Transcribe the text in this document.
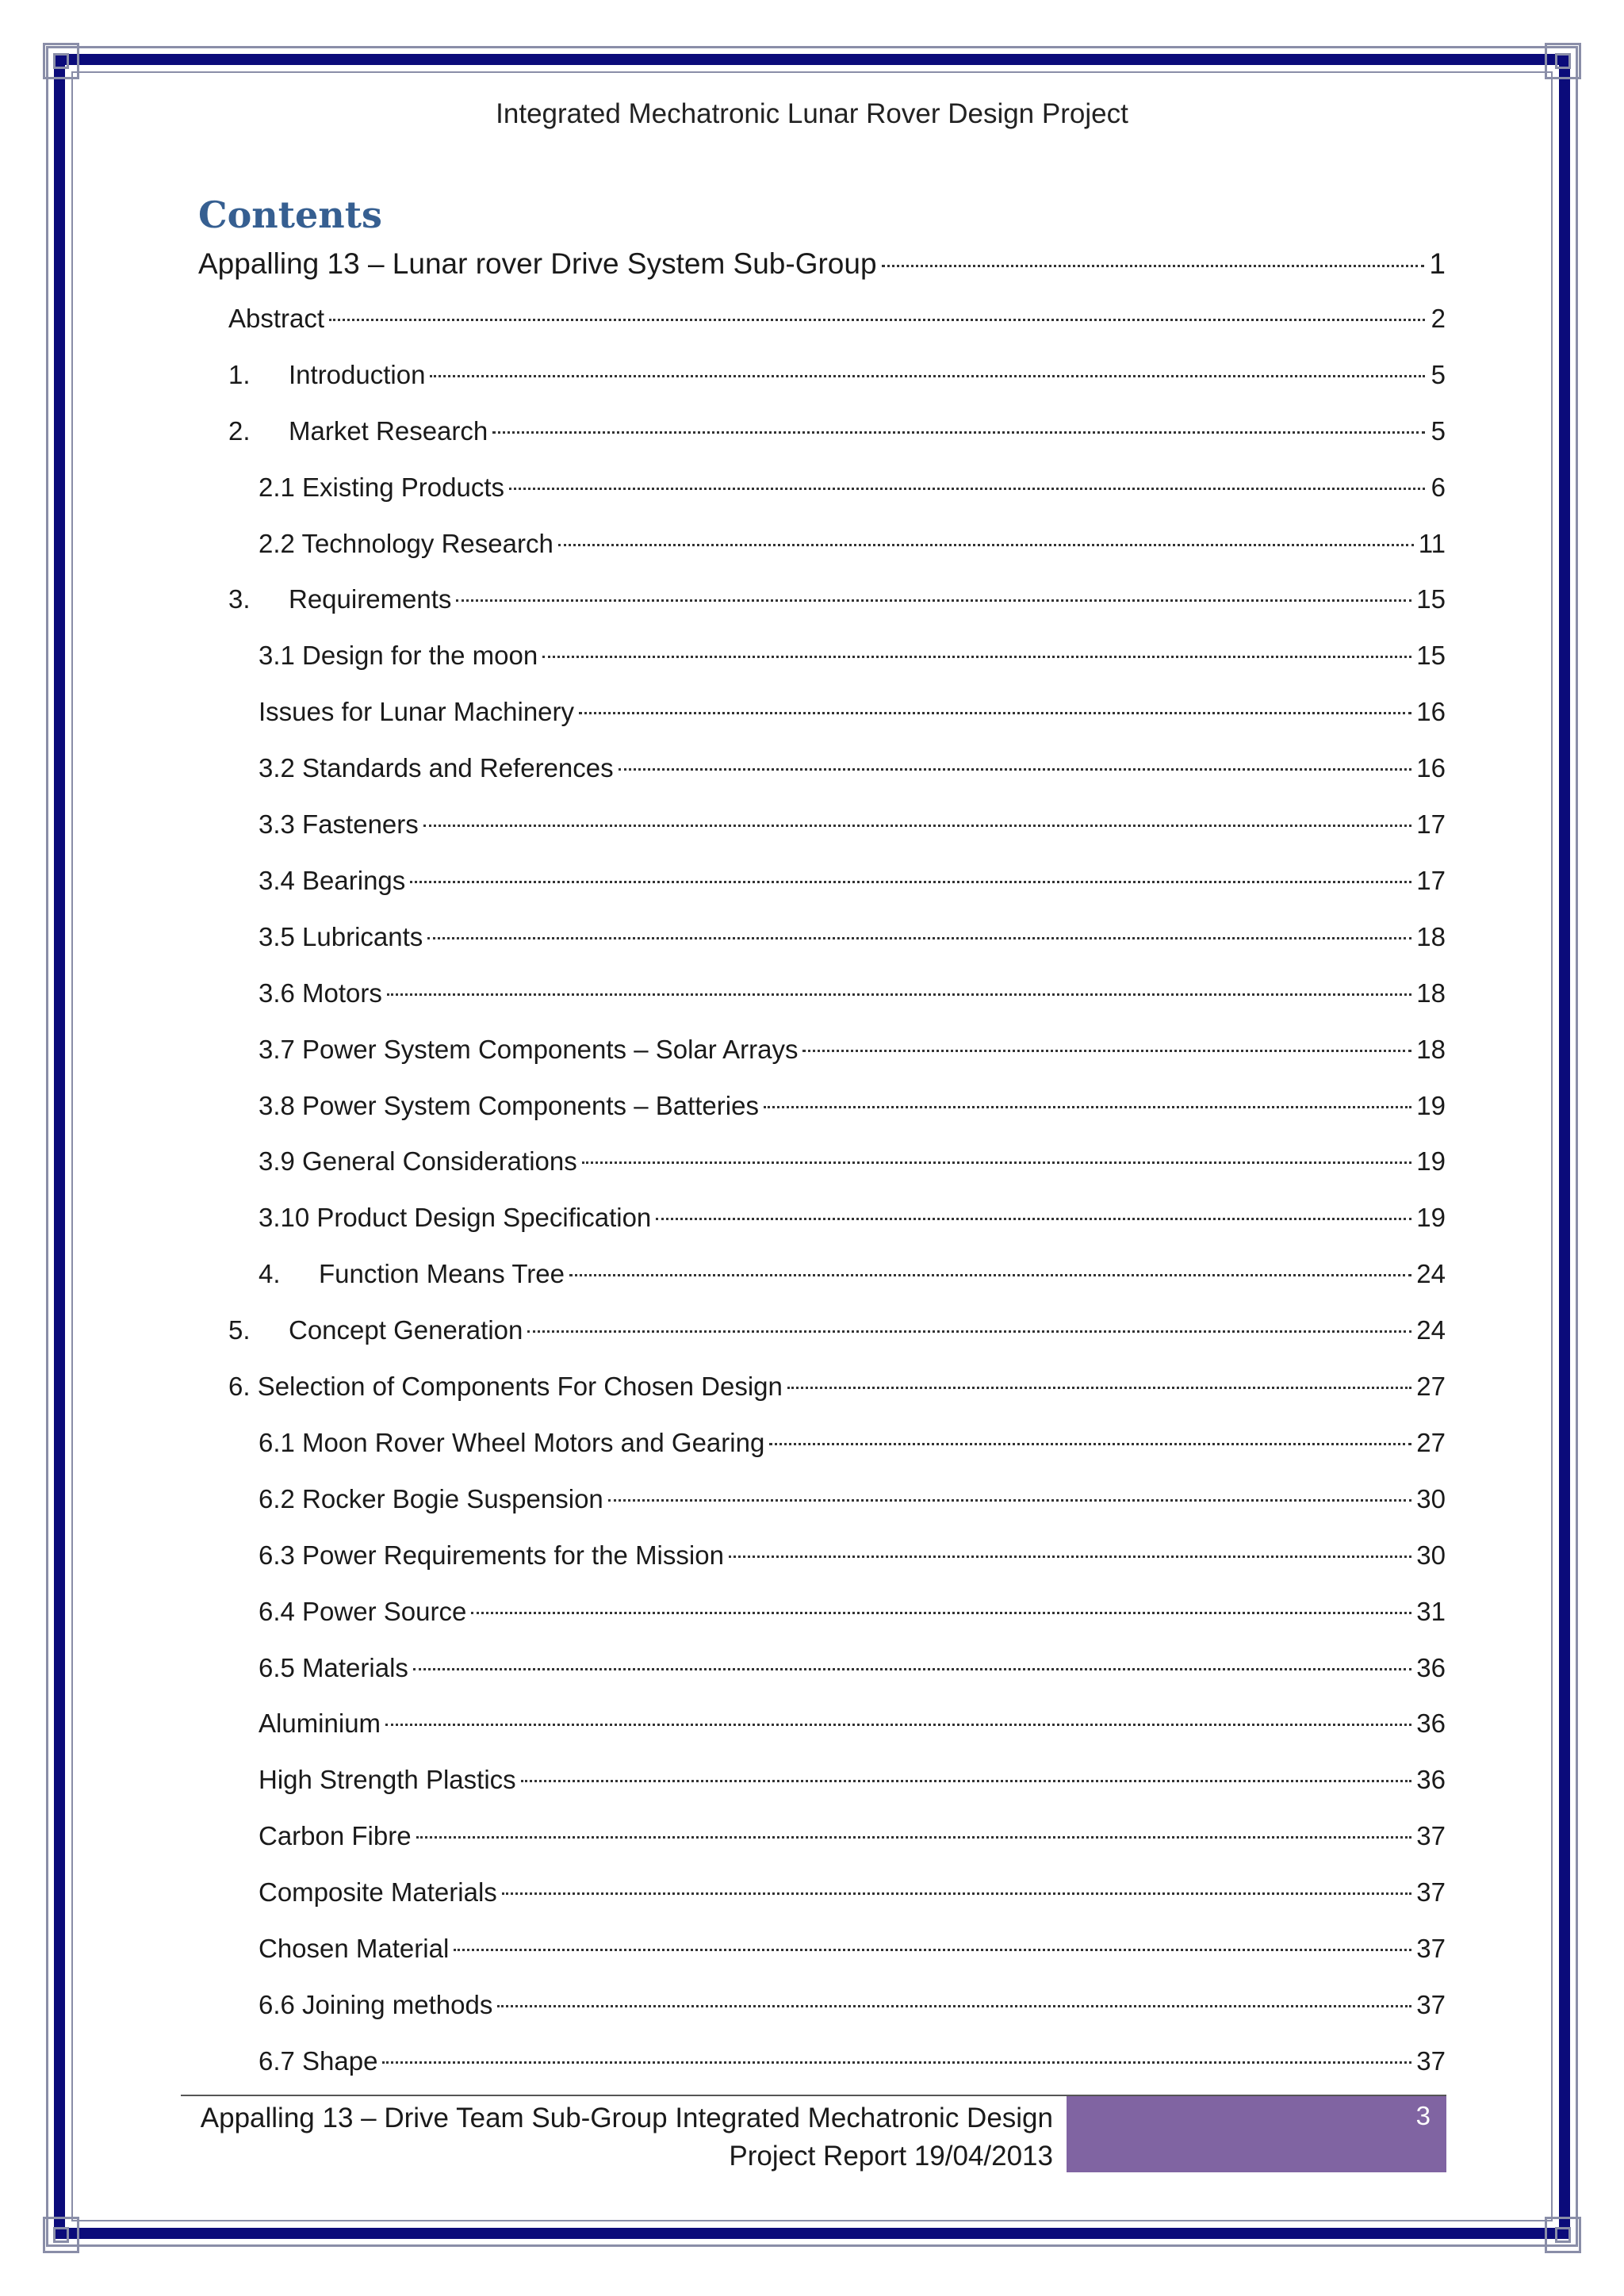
Integrated Mechatronic Lunar Rover Design Project
Contents
Appalling 13 – Lunar rover Drive System Sub-Group	1
Abstract	2
1.	Introduction	5
2.	Market Research	5
2.1 Existing Products	6
2.2 Technology Research	11
3.	Requirements	15
3.1 Design for the moon	15
Issues for Lunar Machinery	16
3.2 Standards and References	16
3.3 Fasteners	17
3.4 Bearings	17
3.5 Lubricants	18
3.6 Motors	18
3.7 Power System Components – Solar Arrays	18
3.8 Power System Components – Batteries	19
3.9 General Considerations	19
3.10 Product Design Specification	19
4.	Function Means Tree	24
5.	Concept Generation	24
6. Selection of Components For Chosen Design	27
6.1 Moon Rover Wheel Motors and Gearing	27
6.2 Rocker Bogie Suspension	30
6.3 Power Requirements for the Mission	30
6.4 Power Source	31
6.5 Materials	36
Aluminium	36
High Strength Plastics	36
Carbon Fibre	37
Composite Materials	37
Chosen Material	37
6.6 Joining methods	37
6.7 Shape	37
Appalling 13 – Drive Team Sub-Group Integrated Mechatronic Design
Project Report 19/04/2013
3
